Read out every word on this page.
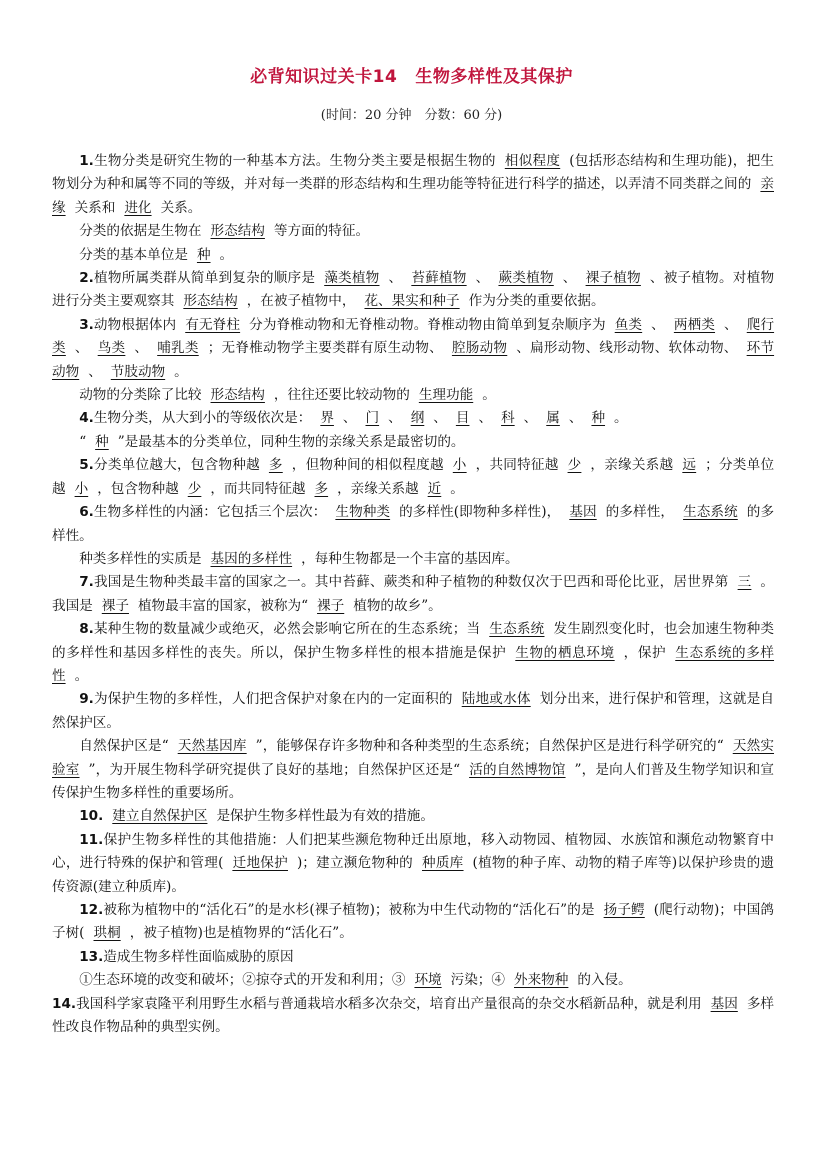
必背知识过关卡14 生物多样性及其保护
(时间：20 分钟　分数：60 分)

1.生物分类是研究生物的一种基本方法。生物分类主要是根据生物的 相似程度 (包括形态结构和生理功能)，把生物划分为种和属等不同的等级，并对每一类群的形态结构和生理功能等特征进行科学的描述，以弄清不同类群之间的 亲缘 关系和 进化 关系。

分类的依据是生物在 形态结构 等方面的特征。

分类的基本单位是 种 。

2.植物所属类群从简单到复杂的顺序是 藻类植物 、 苔藓植物 、 蕨类植物 、 裸子植物 、被子植物。对植物进行分类主要观察其 形态结构 ，在被子植物中， 花、果实和种子 作为分类的重要依据。

3.动物根据体内 有无脊柱 分为脊椎动物和无脊椎动物。脊椎动物由简单到复杂顺序为 鱼类 、 两栖类 、 爬行类 、 鸟类 、 哺乳类 ；无脊椎动物学主要类群有原生动物、 腔肠动物 、扁形动物、线形动物、软体动物、 环节动物 、 节肢动物 。

动物的分类除了比较 形态结构 ，往往还要比较动物的 生理功能 。

4.生物分类，从大到小的等级依次是： 界 、 门 、 纲 、 目 、 科 、 属 、 种 。

“ 种 ”是最基本的分类单位，同种生物的亲缘关系是最密切的。

5.分类单位越大，包含物种越 多 ，但物种间的相似程度越 小 ，共同特征越 少 ，亲缘关系越 远 ；分类单位越 小 ，包含物种越 少 ，而共同特征越 多 ，亲缘关系越 近 。

6.生物多样性的内涵：它包括三个层次： 生物种类 的多样性(即物种多样性)， 基因 的多样性， 生态系统 的多样性。

种类多样性的实质是 基因的多样性 ，每种生物都是一个丰富的基因库。

7.我国是生物种类最丰富的国家之一。其中苔藓、蕨类和种子植物的种数仅次于巴西和哥伦比亚，居世界第 三 。我国是 裸子 植物最丰富的国家，被称为“ 裸子 植物的故乡”。

8.某种生物的数量减少或绝灭，必然会影响它所在的生态系统；当 生态系统 发生剧烈变化时，也会加速生物种类的多样性和基因多样性的丧失。所以，保护生物多样性的根本措施是保护 生物的栖息环境 ，保护 生态系统的多样性 。

9.为保护生物的多样性，人们把含保护对象在内的一定面积的 陆地或水体 划分出来，进行保护和管理，这就是自然保护区。

自然保护区是“ 天然基因库 ”，能够保存许多物种和各种类型的生态系统；自然保护区是进行科学研究的“ 天然实验室 ”，为开展生物科学研究提供了良好的基地；自然保护区还是“ 活的自然博物馆 ”，是向人们普及生物学知识和宣传保护生物多样性的重要场所。

10. 建立自然保护区 是保护生物多样性最为有效的措施。

11.保护生物多样性的其他措施：人们把某些濒危物种迁出原地，移入动物园、植物园、水族馆和濒危动物繁育中心，进行特殊的保护和管理( 迁地保护 )；建立濒危物种的 种质库 (植物的种子库、动物的精子库等)以保护珍贵的遗传资源(建立种质库)。

12.被称为植物中的“活化石”的是水杉(裸子植物)；被称为中生代动物的“活化石”的是 扬子鳄 (爬行动物)；中国鸽子树( 珙桐 ，被子植物)也是植物界的“活化石”。

13.造成生物多样性面临威胁的原因

①生态环境的改变和破坏；②掠夺式的开发和利用；③ 环境 污染；④ 外来物种 的入侵。

14.我国科学家袁隆平利用野生水稻与普通栽培水稻多次杂交，培育出产量很高的杂交水稻新品种，就是利用 基因 多样性改良作物品种的典型实例。
